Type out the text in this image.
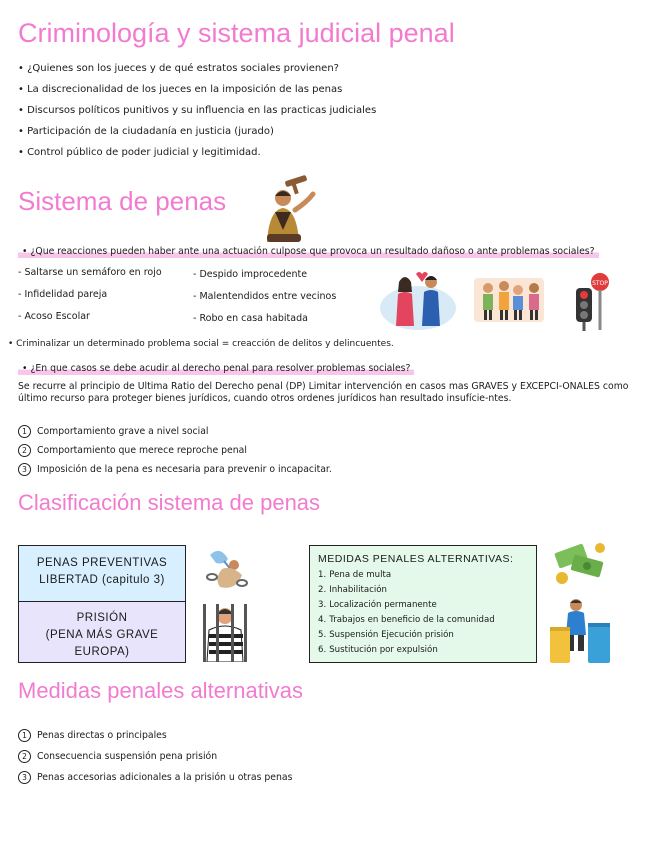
Criminología y sistema judicial penal
• ¿Quienes son los jueces y de qué estratos sociales provienen?
• La discrecionalidad de los jueces en la imposición de las penas
• Discursos políticos punitivos y su influencia en las practicas judiciales
• Participación de la ciudadanía en justicia (jurado)
• Control público de poder judicial y legitimidad.
Sistema de penas
• ¿Que reacciones pueden haber ante una actuación culpose que provoca un resultado dañoso o ante problemas sociales?
- Saltarse un semáforo en rojo
- Infidelidad pareja
- Acoso Escolar
- Despido improcedente
- Malentendidos entre vecinos
- Robo en casa habitada
STOP
• Criminalizar un determinado problema social = creacción de delitos y delincuentes.
• ¿En que casos se debe acudir al derecho penal para resolver problemas sociales?
Se recurre al principio de Ultima Ratio del Derecho penal (DP) Limitar intervención en casos mas GRAVES y EXCEPCI-ONALES como último recurso para proteger bienes jurídicos, cuando otros ordenes jurídicos han resultado insufície-ntes.
1	Comportamiento grave a nivel social
2	Comportamiento que merece reproche penal
3	Imposición de la pena es necesaria para prevenir o incapacitar.
Clasificación sistema de penas
PENAS PREVENTIVAS
LIBERTAD (capitulo 3)
PRISIÓN
(PENA MÁS GRAVE EUROPA)
MEDIDAS PENALES ALTERNATIVAS:
1. Pena de multa
2. Inhabilitación
3. Localización permanente
4. Trabajos en beneficio de la comunidad
5. Suspensión Ejecución prisión
6. Sustitución por expulsión
Medidas penales alternativas
1	Penas directas o principales
2	Consecuencia suspensión pena prisión
3	Penas accesorias adicionales a la prisión u otras penas
